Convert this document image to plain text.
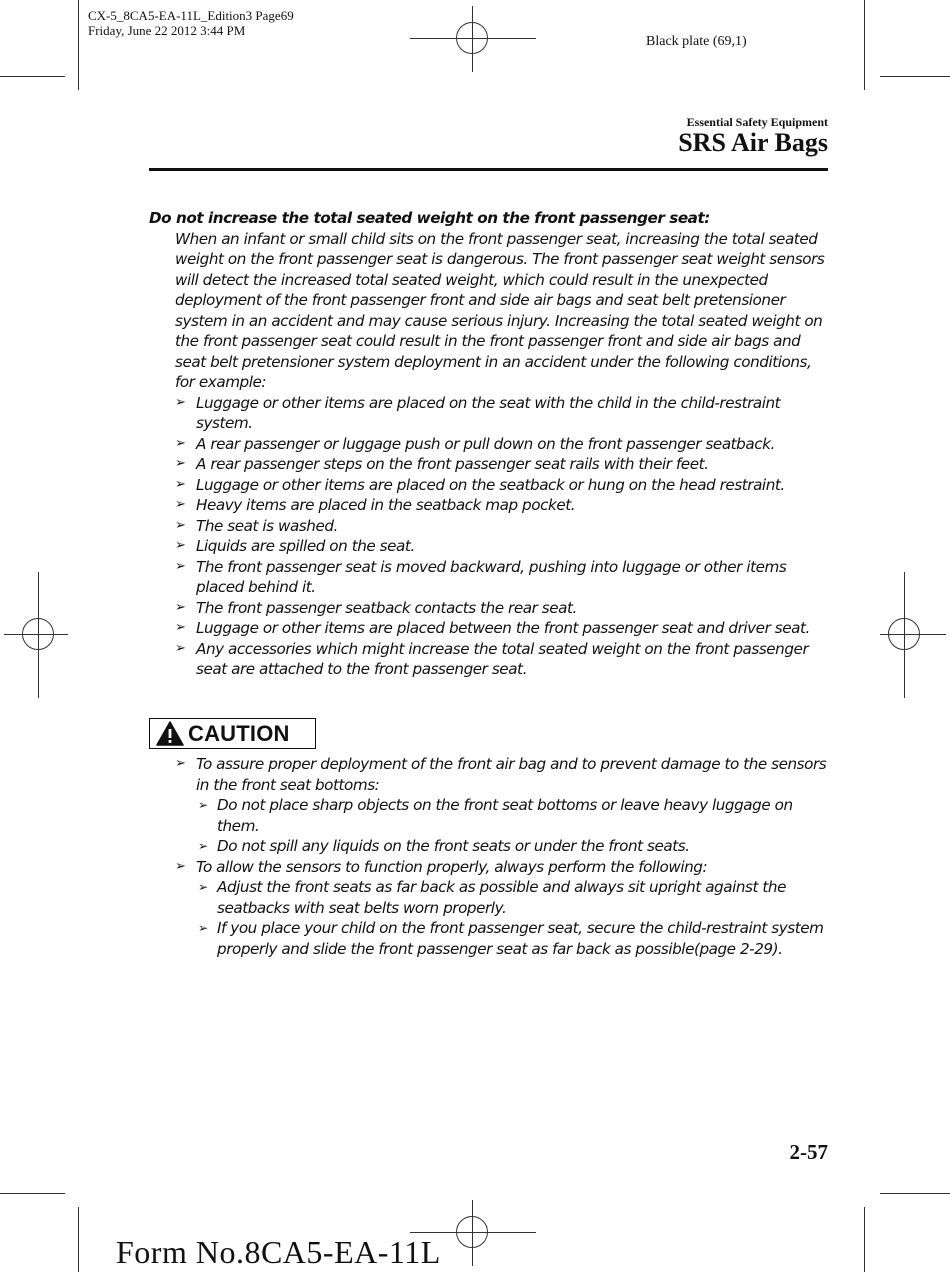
CX-5_8CA5-EA-11L_Edition3 Page69
Friday, June 22 2012 3:44 PM
Black plate (69,1)
Essential Safety Equipment
SRS Air Bags

Do not increase the total seated weight on the front passenger seat:

When an infant or small child sits on the front passenger seat, increasing the total seated weight on the front passenger seat is dangerous. The front passenger seat weight sensors will detect the increased total seated weight, which could result in the unexpected deployment of the front passenger front and side air bags and seat belt pretensioner system in an accident and may cause serious injury. Increasing the total seated weight on the front passenger seat could result in the front passenger front and side air bags and seat belt pretensioner system deployment in an accident under the following conditions, for example:

➢ Luggage or other items are placed on the seat with the child in the child-restraint system.
➢ A rear passenger or luggage push or pull down on the front passenger seatback.
➢ A rear passenger steps on the front passenger seat rails with their feet.
➢ Luggage or other items are placed on the seatback or hung on the head restraint.
➢ Heavy items are placed in the seatback map pocket.
➢ The seat is washed.
➢ Liquids are spilled on the seat.
➢ The front passenger seat is moved backward, pushing into luggage or other items placed behind it.
➢ The front passenger seatback contacts the rear seat.
➢ Luggage or other items are placed between the front passenger seat and driver seat.
➢ Any accessories which might increase the total seated weight on the front passenger seat are attached to the front passenger seat.
CAUTION
➢ To assure proper deployment of the front air bag and to prevent damage to the sensors in the front seat bottoms:
➢ Do not place sharp objects on the front seat bottoms or leave heavy luggage on them.
➢ Do not spill any liquids on the front seats or under the front seats.
➢ To allow the sensors to function properly, always perform the following:
➢ Adjust the front seats as far back as possible and always sit upright against the seatbacks with seat belts worn properly.
➢ If you place your child on the front passenger seat, secure the child-restraint system properly and slide the front passenger seat as far back as possible(page 2-29).
2-57
Form No.8CA5-EA-11L
